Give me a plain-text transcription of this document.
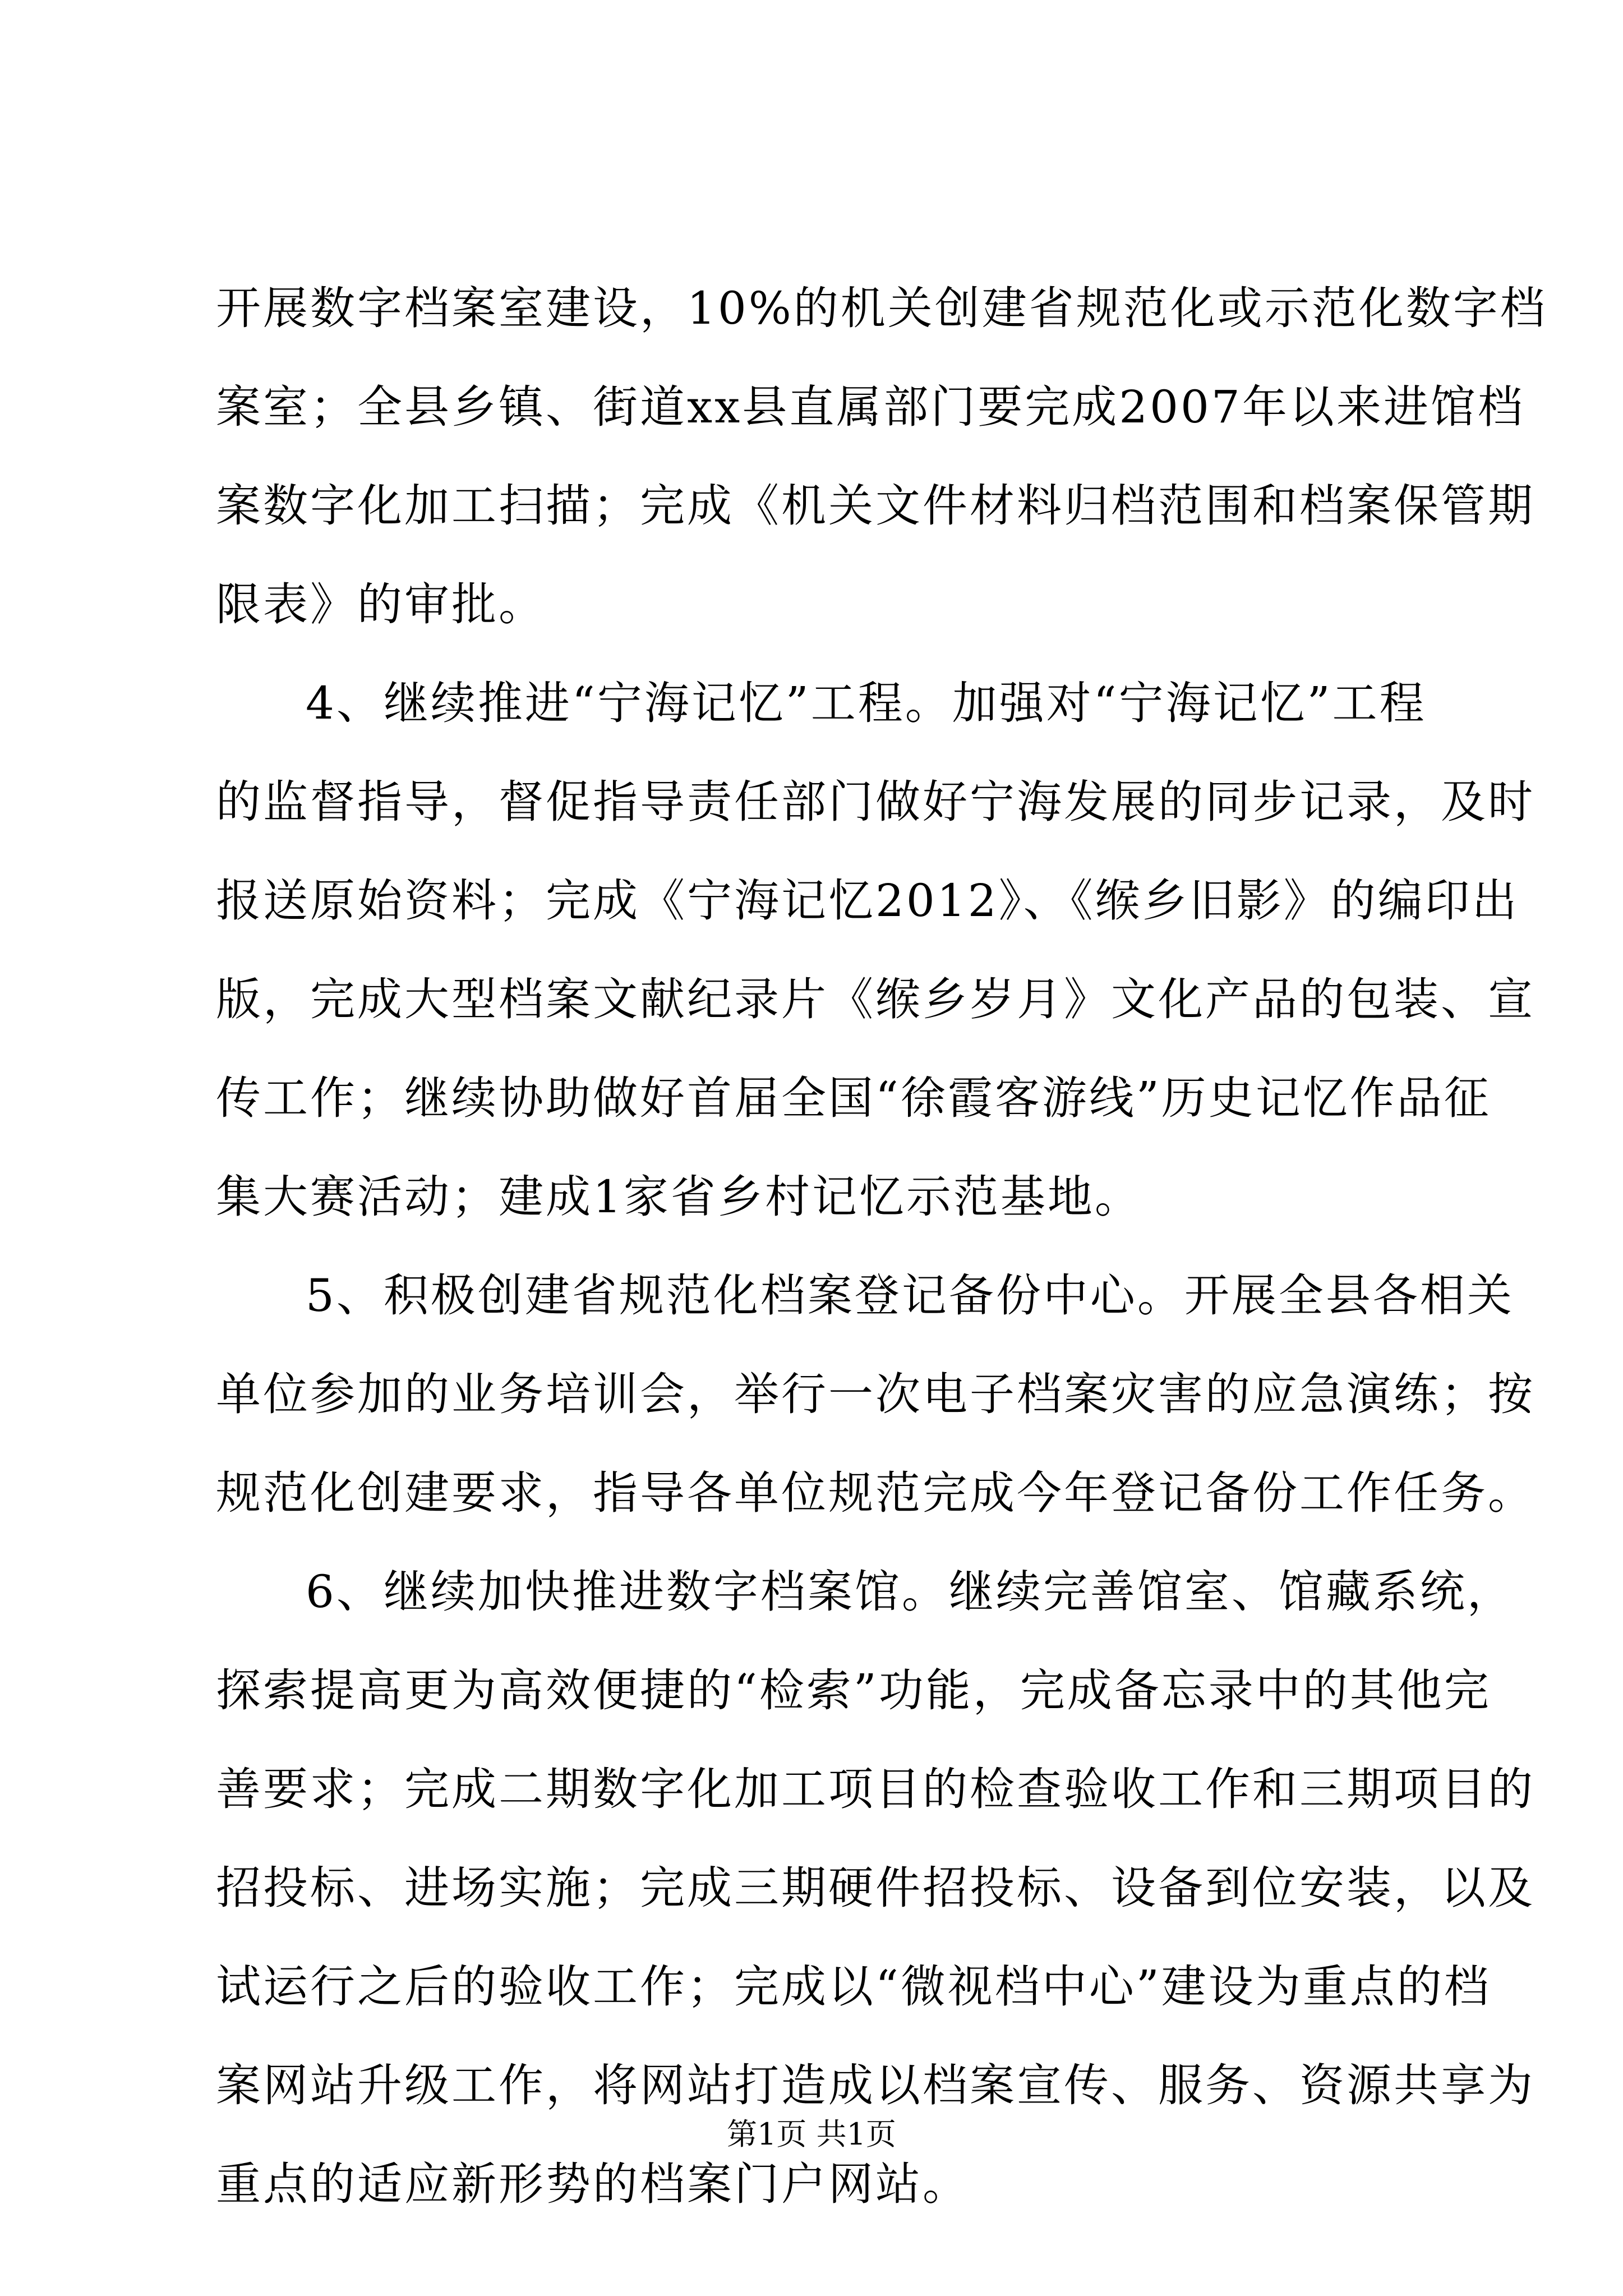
开展数字档案室建设，10%的机关创建省规范化或示范化数字档
案室；全县乡镇、街道xx县直属部门要完成2007年以来进馆档
案数字化加工扫描；完成《机关文件材料归档范围和档案保管期
限表》的审批。
4、继续推进“宁海记忆”工程。加强对“宁海记忆”工程
的监督指导，督促指导责任部门做好宁海发展的同步记录，及时
报送原始资料；完成《宁海记忆2012》、《缑乡旧影》的编印出
版，完成大型档案文献纪录片《缑乡岁月》文化产品的包装、宣
传工作；继续协助做好首届全国“徐霞客游线”历史记忆作品征
集大赛活动；建成1家省乡村记忆示范基地。
5、积极创建省规范化档案登记备份中心。开展全县各相关
单位参加的业务培训会，举行一次电子档案灾害的应急演练；按
规范化创建要求，指导各单位规范完成今年登记备份工作任务。
6、继续加快推进数字档案馆。继续完善馆室、馆藏系统，
探索提高更为高效便捷的“检索”功能，完成备忘录中的其他完
善要求；完成二期数字化加工项目的检查验收工作和三期项目的
招投标、进场实施；完成三期硬件招投标、设备到位安装，以及
试运行之后的验收工作；完成以“微视档中心”建设为重点的档
案网站升级工作，将网站打造成以档案宣传、服务、资源共享为
重点的适应新形势的档案门户网站。
第1页 共1页
